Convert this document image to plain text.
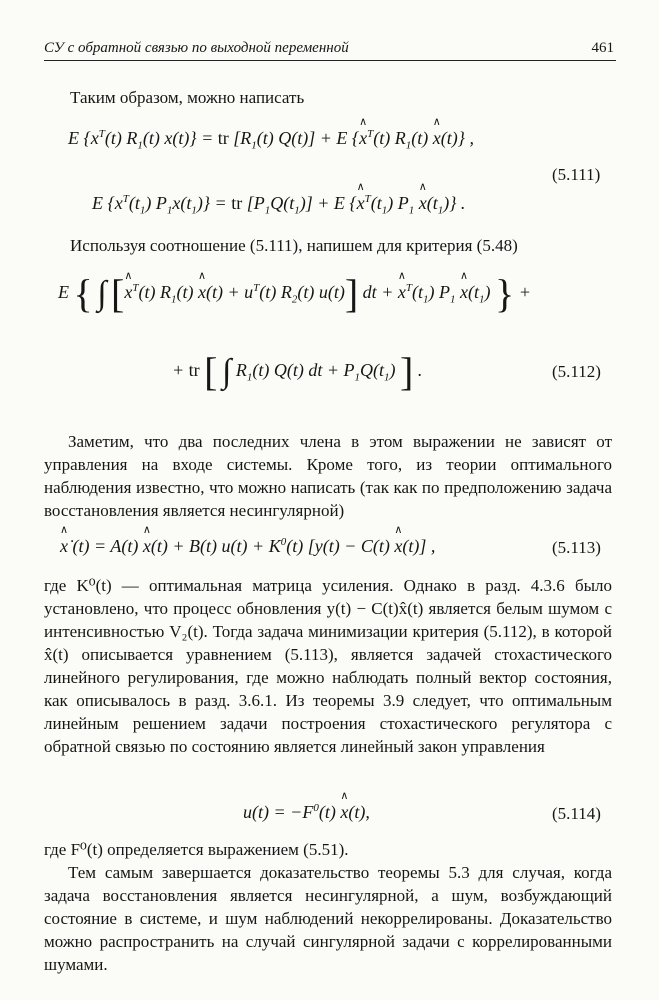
СУ с обратной связью по выходной переменной	461
Таким образом, можно написать
E {$x^T(t)$ $R_1(t) x(t)$} = tr $[R_1(t) Q(t)] + E$ {∧ $x^T(t)$ $R_1(t)$ ∧ x(t)} ,
(5.111)
E $\{x^T(t_1) P_1x(t_1)\}$ = tr $[P_1Q(t_1)] + E$ {∧ $x^T(t_1)$ $P_1$ ∧ $x(t_1)$} .
Используя соотношение (5.111), напишем для критерия (5.48)
E { ∫ [∧ $x^T(t)$ $R_1(t)$ ∧ $x(t) + u^T(t)$ $R_2(t)$ u(t)] dt + ∧ $x^T(t_1)$ $P_1$ ∧ $x(t_1)$ } +
+ tr [ ∫ $R_1(t)$ Q(t) dt + $P_1Q(t_1)$ ] .	(5.112)
Заметим, что два последних члена в этом выражении не зависят от управления на входе системы. Кроме того, из теории оптимального наблюдения известно, что можно написать (так как по предположению задача восстановления является несингулярной)
∧ ẋ (t) = A(t) ∧ x(t) + B(t) $u(t) + K^0(t) [y(t) - C(t)$ ∧ x(t)] ,	(5.113)
где K⁰(t) — оптимальная матрица усиления. Однако в разд. 4.3.6 было установлено, что процесс обновления y(t) − C(t)x̂(t) является белым шумом с интенсивностью V₂(t). Тогда задача минимизации критерия (5.112), в которой x̂(t) описывается уравнением (5.113), является задачей стохастического линейного регулирования, где можно наблюдать полный вектор состояния, как описывалось в разд. 3.6.1. Из теоремы 3.9 следует, что оптимальным линейным решением задачи построения стохастического регулятора с обратной связью по состоянию является линейный закон управления
$u(t) = -F^0(t)$ ∧ x(t),	(5.114)
где F⁰(t) определяется выражением (5.51).
Тем самым завершается доказательство теоремы 5.3 для случая, когда задача восстановления является несингулярной, а шум, возбуждающий состояние в системе, и шум наблюдений некоррелированы. Доказательство можно распространить на случай сингулярной задачи с коррелированными шумами.
